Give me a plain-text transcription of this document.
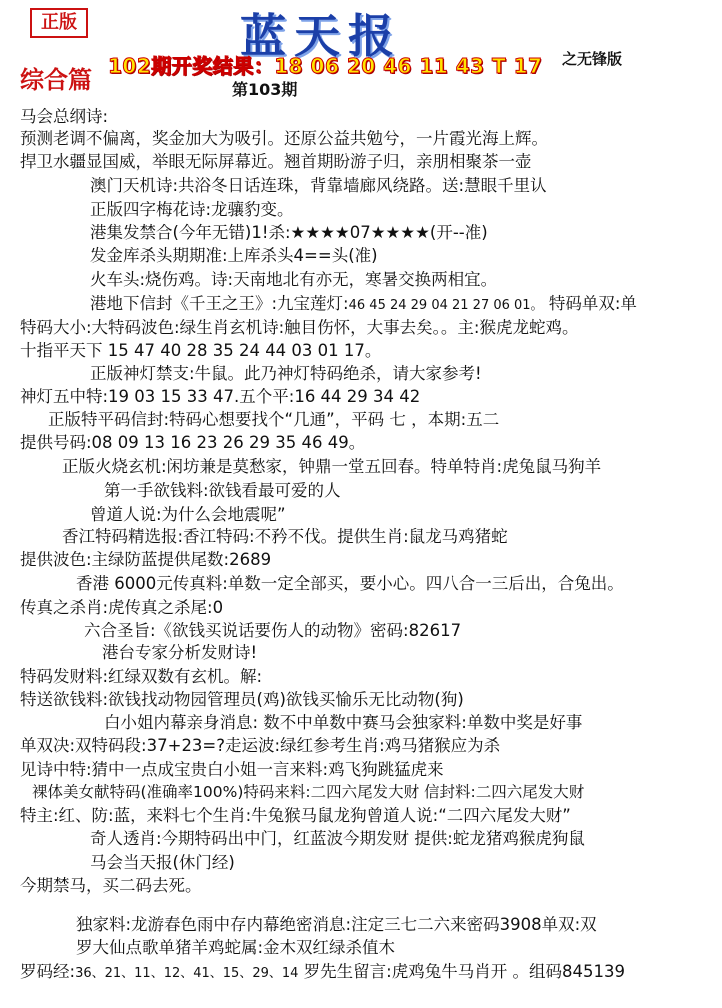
正版	蓝天报
102期开奖结果：18 06 20 46 11 43 T 17 之无锋版
综合篇	第103期
马会总纲诗:
预测老调不偏离，奖金加大为吸引。还原公益共勉兮，一片霞光海上辉。
捍卫水疆显国威，举眼无际屏幕近。翘首期盼游子归，亲朋相聚茶一壶
澳门天机诗:共浴冬日话连珠，背靠墙廊风绕路。送:慧眼千里认
正版四字梅花诗:龙骧豹变。
港集发禁合(今年无错)1!杀:★★★★07★★★★(开--准)
发金库杀头期期准:上库杀头4==头(准)
火车头:烧伤鸡。诗:天南地北有亦无，寒暑交换两相宜。
港地下信封《千王之王》:九宝莲灯:46 45 24 29 04 21 27 06 01。 特码单双:单
特码大小:大特码波色:绿生肖玄机诗:触目伤怀，大事去矣。。主:猴虎龙蛇鸡。
十指平天下 15 47 40 28 35 24 44 03 01 17。
正版神灯禁支:牛鼠。此乃神灯特码绝杀，请大家参考!
神灯五中特:19 03 15 33 47.五个平:16 44 29 34 42
正版特平码信封:特码心想要找个“几通”，平码 七 ，本期:五二
提供号码:08 09 13 16 23 26 29 35 46 49。
正版火烧玄机:闲坊兼是莫愁家，钟鼎一堂五回春。特单特肖:虎兔鼠马狗羊
第一手欲钱料:欲钱看最可爱的人
曾道人说:为什么会地震呢”
香江特码精选报:香江特码:不矜不伐。提供生肖:鼠龙马鸡猪蛇
提供波色:主绿防蓝提供尾数:2689
香港 6000元传真料:单数一定全部买，要小心。四八合一三后出，合兔出。
传真之杀肖:虎传真之杀尾:0
六合圣旨:《欲钱买说话要伤人的动物》密码:82617
港台专家分析发财诗!
特码发财料:红绿双数有玄机。解:
特送欲钱料:欲钱找动物园管理员(鸡)欲钱买愉乐无比动物(狗)
白小姐内幕亲身消息: 数不中单数中赛马会独家料:单数中奖是好事
单双决:双特码段:37+23=?走运波:绿红参考生肖:鸡马猪猴应为杀
见诗中特:猜中一点成宝贵白小姐一言来料:鸡飞狗跳猛虎来
裸体美女献特码(准确率100%)特码来料:二四六尾发大财 信封料:二四六尾发大财
特主:红、防:蓝，来料七个生肖:牛兔猴马鼠龙狗曾道人说:“二四六尾发大财”
奇人透肖:今期特码出中门，红蓝波今期发财 提供:蛇龙猪鸡猴虎狗鼠
马会当天报(休门经)
今期禁马，买二码去死。
独家料:龙游春色雨中存内幕绝密消息:注定三七二六来密码3908单双:双
罗大仙点歌单猪羊鸡蛇属:金木双红绿杀值木
罗码经:36、21、11、12、41、15、29、14 罗先生留言:虎鸡兔牛马肖开 。组码845139
